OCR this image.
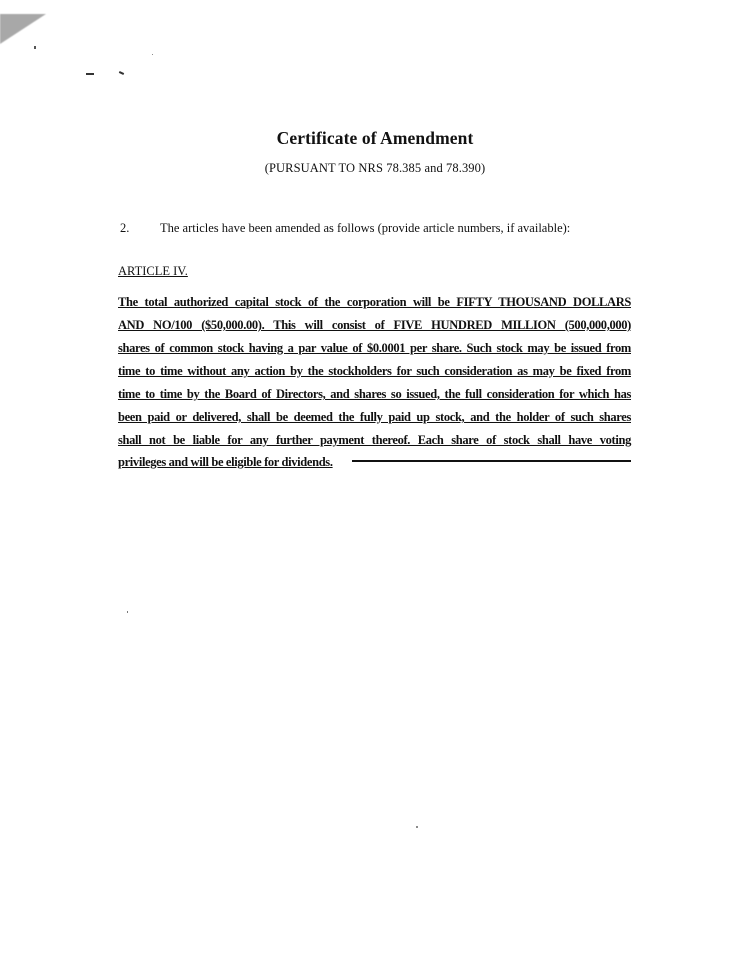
Certificate of Amendment
(PURSUANT TO NRS 78.385 and 78.390)
2. The articles have been amended as follows (provide article numbers, if available):
ARTICLE IV.
The total authorized capital stock of the corporation will be FIFTY THOUSAND DOLLARS
AND NO/100 ($50,000.00). This will consist of FIVE HUNDRED MILLION (500,000,000)
shares of common stock having a par value of $0.0001 per share. Such stock may be issued from
time to time without any action by the stockholders for such consideration as may be fixed from
time to time by the Board of Directors, and shares so issued, the full consideration for which has
been paid or delivered, shall be deemed the fully paid up stock, and the holder of such shares
shall not be liable for any further payment thereof. Each share of stock shall have voting
privileges and will be eligible for dividends.
